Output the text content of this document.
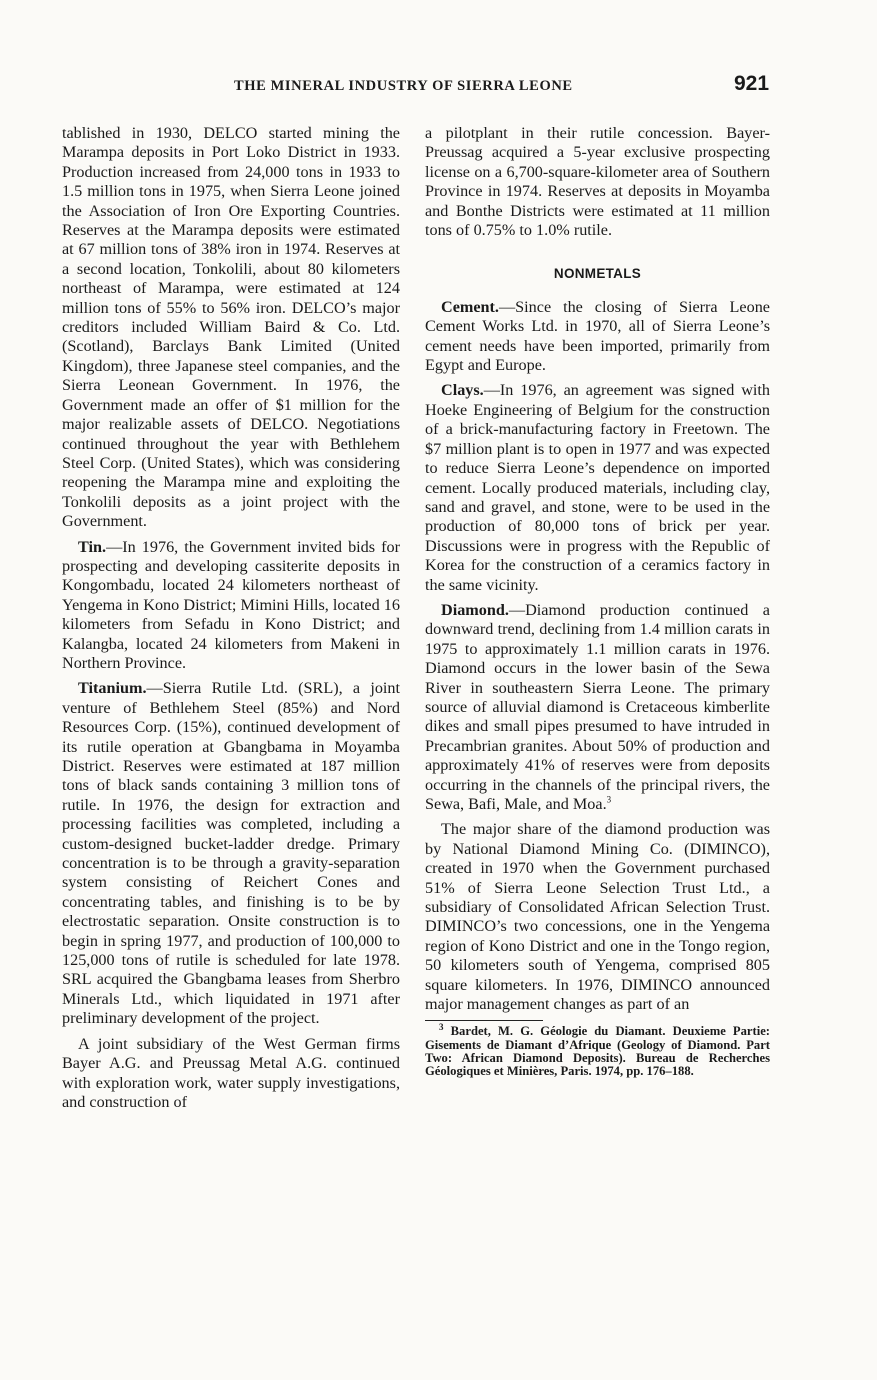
THE MINERAL INDUSTRY OF SIERRA LEONE	921

tablished in 1930, DELCO started mining the Marampa deposits in Port Loko District in 1933. Production increased from 24,000 tons in 1933 to 1.5 million tons in 1975, when Sierra Leone joined the Association of Iron Ore Exporting Countries. Reserves at the Marampa deposits were estimated at 67 million tons of 38% iron in 1974. Reserves at a second location, Tonkolili, about 80 kilometers northeast of Marampa, were estimated at 124 million tons of 55% to 56% iron. DELCO’s major creditors included William Baird & Co. Ltd. (Scotland), Barclays Bank Limited (United Kingdom), three Japanese steel companies, and the Sierra Leonean Government. In 1976, the Government made an offer of $1 million for the major realizable assets of DELCO. Negotiations continued throughout the year with Bethlehem Steel Corp. (United States), which was considering reopening the Marampa mine and exploiting the Tonkolili deposits as a joint project with the Government.

Tin.—In 1976, the Government invited bids for prospecting and developing cassiterite deposits in Kongombadu, located 24 kilometers northeast of Yengema in Kono District; Mimini Hills, located 16 kilometers from Sefadu in Kono District; and Kalangba, located 24 kilometers from Makeni in Northern Province.

Titanium.—Sierra Rutile Ltd. (SRL), a joint venture of Bethlehem Steel (85%) and Nord Resources Corp. (15%), continued development of its rutile operation at Gbangbama in Moyamba District. Reserves were estimated at 187 million tons of black sands containing 3 million tons of rutile. In 1976, the design for extraction and processing facilities was completed, including a custom-designed bucket-ladder dredge. Primary concentration is to be through a gravity-separation system consisting of Reichert Cones and concentrating tables, and finishing is to be by electrostatic separation. Onsite construction is to begin in spring 1977, and production of 100,000 to 125,000 tons of rutile is scheduled for late 1978. SRL acquired the Gbangbama leases from Sherbro Minerals Ltd., which liquidated in 1971 after preliminary development of the project.

A joint subsidiary of the West German firms Bayer A.G. and Preussag Metal A.G. continued with exploration work, water supply investigations, and construction of

a pilotplant in their rutile concession. Bayer-Preussag acquired a 5-year exclusive prospecting license on a 6,700-square-kilometer area of Southern Province in 1974. Reserves at deposits in Moyamba and Bonthe Districts were estimated at 11 million tons of 0.75% to 1.0% rutile.

NONMETALS

Cement.—Since the closing of Sierra Leone Cement Works Ltd. in 1970, all of Sierra Leone’s cement needs have been imported, primarily from Egypt and Europe.

Clays.—In 1976, an agreement was signed with Hoeke Engineering of Belgium for the construction of a brick-manufacturing factory in Freetown. The $7 million plant is to open in 1977 and was expected to reduce Sierra Leone’s dependence on imported cement. Locally produced materials, including clay, sand and gravel, and stone, were to be used in the production of 80,000 tons of brick per year. Discussions were in progress with the Republic of Korea for the construction of a ceramics factory in the same vicinity.

Diamond.—Diamond production continued a downward trend, declining from 1.4 million carats in 1975 to approximately 1.1 million carats in 1976. Diamond occurs in the lower basin of the Sewa River in southeastern Sierra Leone. The primary source of alluvial diamond is Cretaceous kimberlite dikes and small pipes presumed to have intruded in Precambrian granites. About 50% of production and approximately 41% of reserves were from deposits occurring in the channels of the principal rivers, the Sewa, Bafi, Male, and Moa.$^3$

The major share of the diamond production was by National Diamond Mining Co. (DIMINCO), created in 1970 when the Government purchased 51% of Sierra Leone Selection Trust Ltd., a subsidiary of Consolidated African Selection Trust. DIMINCO’s two concessions, one in the Yengema region of Kono District and one in the Tongo region, 50 kilometers south of Yengema, comprised 805 square kilometers. In 1976, DIMINCO announced major management changes as part of an

$^3$ Bardet, M. G. Géologie du Diamant. Deuxieme Partie: Gisements de Diamant d’Afrique (Geology of Diamond. Part Two: African Diamond Deposits). Bureau de Recherches Géologiques et Minières, Paris. 1974, pp. 176–188.
